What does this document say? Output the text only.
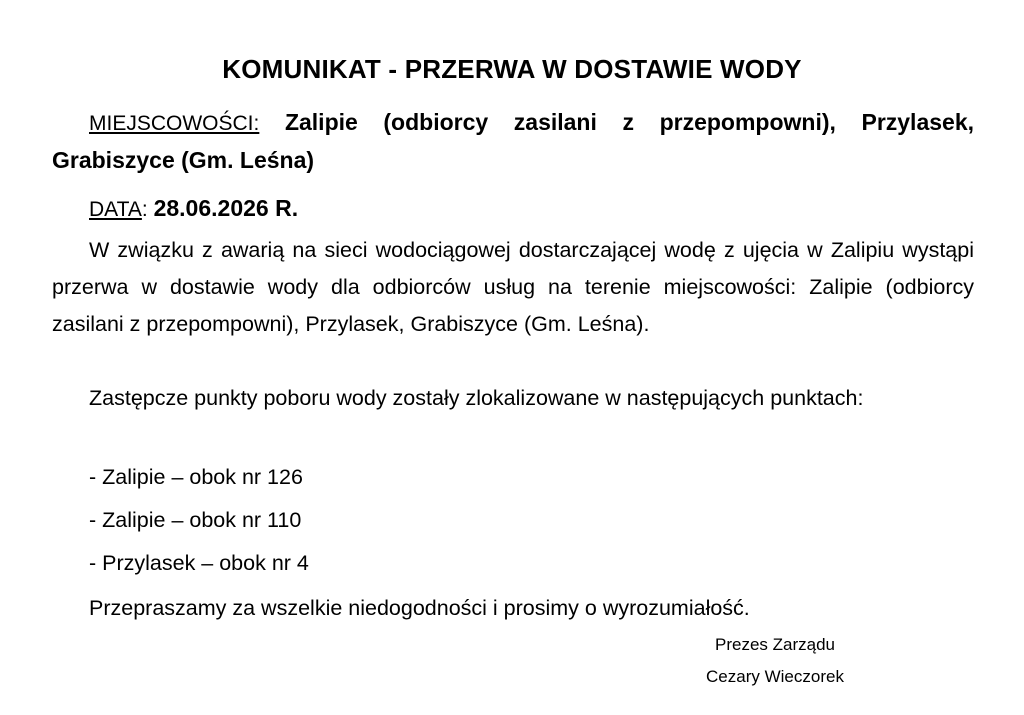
KOMUNIKAT - PRZERWA W DOSTAWIE WODY
MIEJSCOWOŚCI: Zalipie (odbiorcy zasilani z przepompowni), Przylasek, Grabiszyce (Gm. Leśna)
DATA: 28.06.2026 R.
W związku z awarią na sieci wodociągowej dostarczającej wodę z ujęcia w Zalipiu wystąpi przerwa w dostawie wody dla odbiorców usług na terenie miejscowości: Zalipie (odbiorcy zasilani z przepompowni), Przylasek, Grabiszyce (Gm. Leśna).
Zastępcze punkty poboru wody zostały zlokalizowane w następujących punktach:
- Zalipie – obok nr 126
- Zalipie – obok nr 110
- Przylasek – obok nr 4
Przepraszamy za wszelkie niedogodności i prosimy o wyrozumiałość.
Prezes Zarządu
Cezary Wieczorek
